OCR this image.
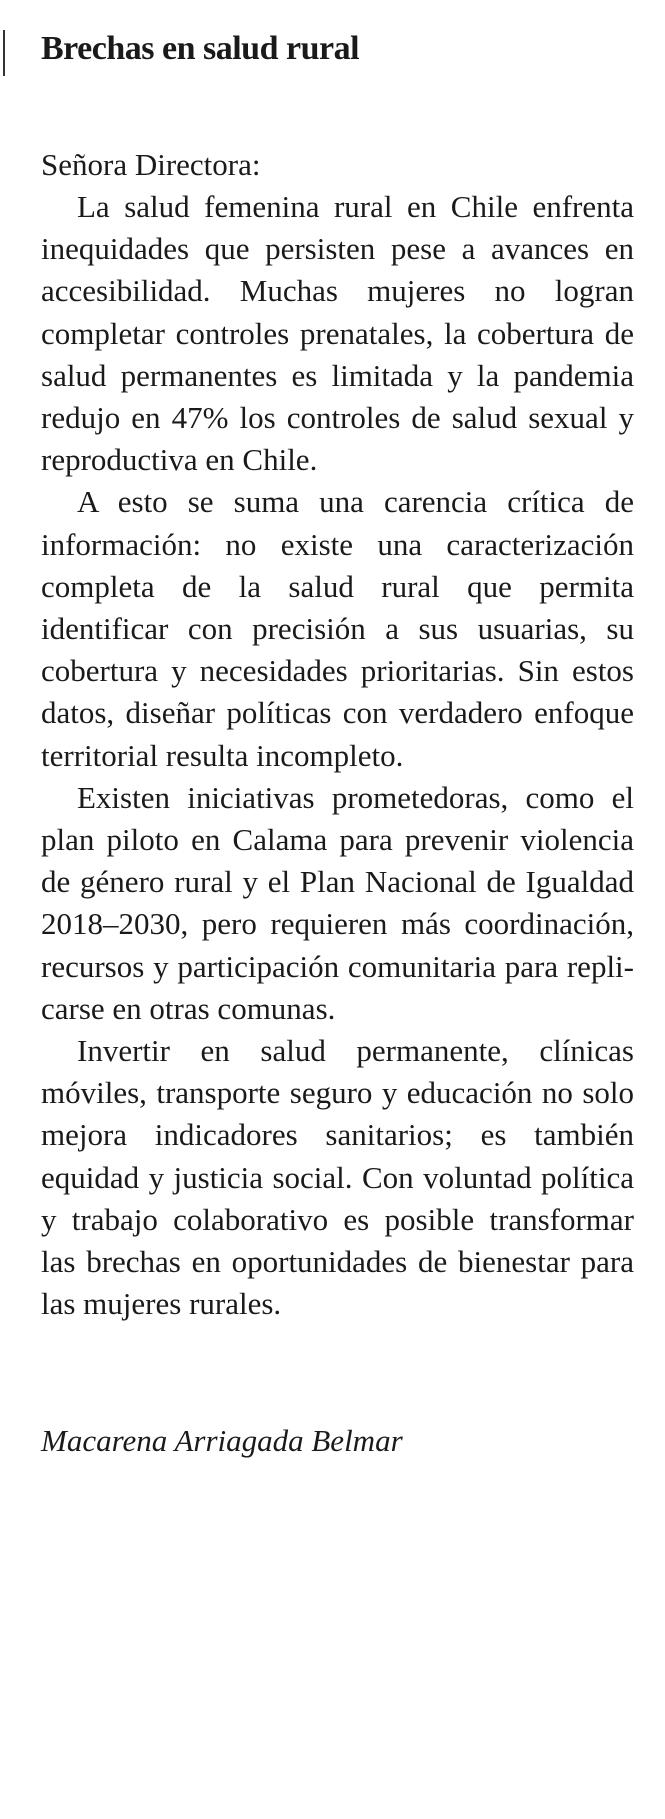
Brechas en salud rural

Señora Directora:

La salud femenina rural en Chile enfrenta inequidades que persisten pese a avances en accesibilidad. Muchas mujeres no logran completar controles prenatales, la cobertura de salud permanentes es limitada y la pandemia redujo en 47% los controles de salud sexual y reproductiva en Chile.

A esto se suma una carencia crítica de información: no existe una caracterización completa de la salud rural que permita identificar con precisión a sus usuarias, su cobertura y necesidades prioritarias. Sin estos datos, diseñar políticas con verdadero enfoque territorial resulta incompleto.

Existen iniciativas prometedoras, como el plan piloto en Calama para prevenir violencia de género rural y el Plan Nacional de Igualdad 2018–2030, pero requieren más coordinación, recursos y participación comunitaria para replicarse en otras comunas.

Invertir en salud permanente, clínicas móviles, transporte seguro y educación no solo mejora indicadores sanitarios; es también equidad y justicia social. Con voluntad política y trabajo colaborativo es posible transformar las brechas en oportunidades de bienestar para las mujeres rurales.

Macarena Arriagada Belmar
